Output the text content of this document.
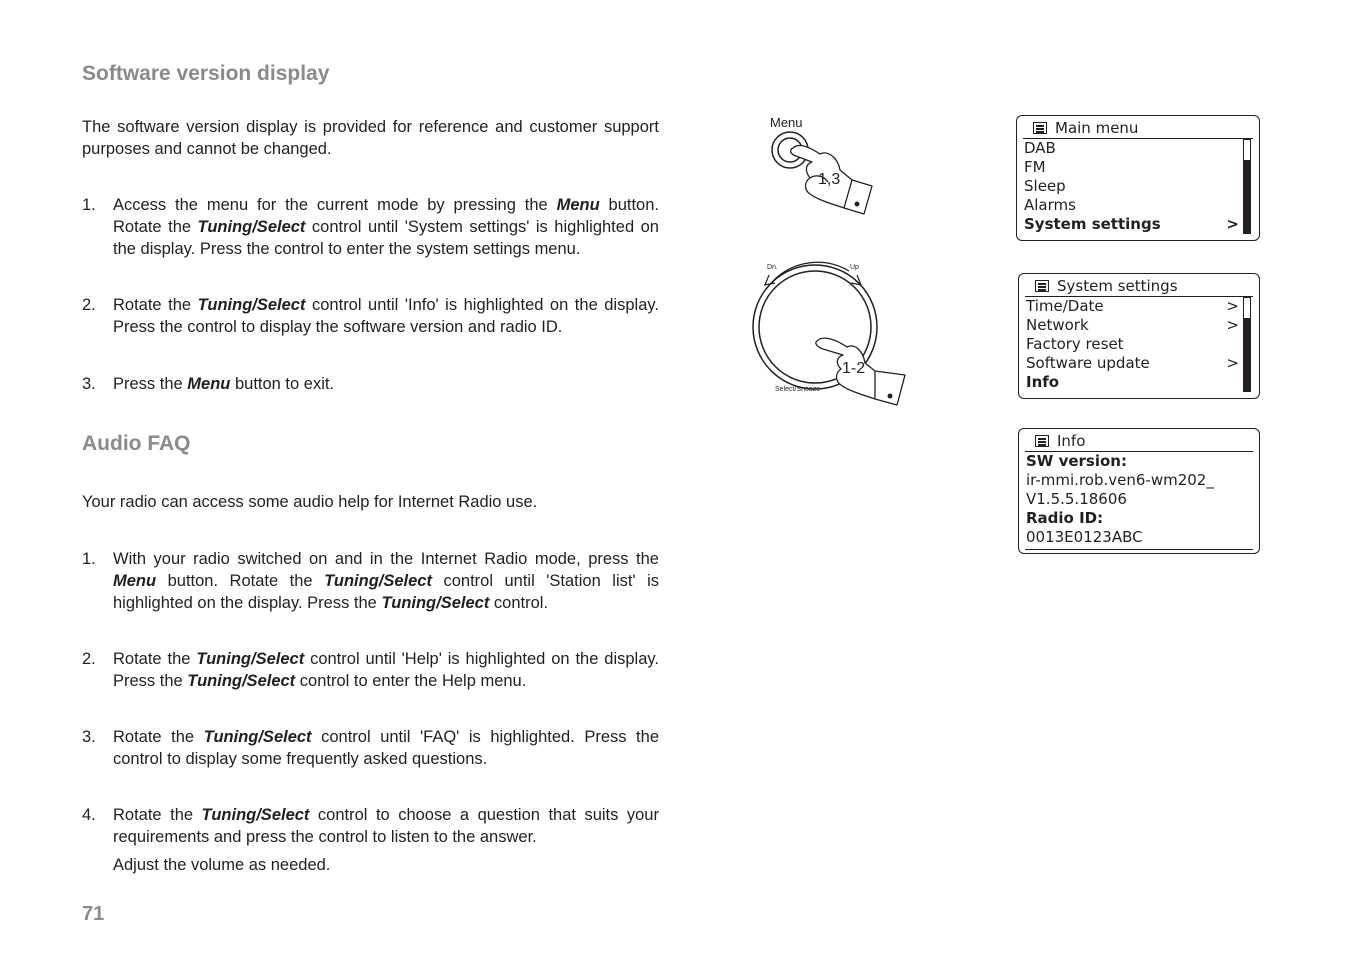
Software version display

The software version display is provided for reference and customer support purposes and cannot be changed.

1. Access the menu for the current mode by pressing the Menu button. Rotate the Tuning/Select control until 'System settings' is highlighted on the display. Press the control to enter the system settings menu.
2. Rotate the Tuning/Select control until 'Info' is highlighted on the display. Press the control to display the software version and radio ID.
3. Press the Menu button to exit.
Audio FAQ

Your radio can access some audio help for Internet Radio use.

1. With your radio switched on and in the Internet Radio mode, press the Menu button. Rotate the Tuning/Select control until 'Station list' is highlighted on the display. Press the Tuning/Select control.
2. Rotate the Tuning/Select control until 'Help' is highlighted on the display. Press the Tuning/Select control to enter the Help menu.
3. Rotate the Tuning/Select control until 'FAQ' is highlighted. Press the control to display some frequently asked questions.
4. Rotate the Tuning/Select control to choose a question that suits your requirements and press the control to listen to the answer.
Adjust the volume as needed.
71
Menu
1,3
Dn.	Up
Select/Snooze
1-2
Main menu
DAB
FM
Sleep
Alarms
System settings	>
System settings
Time/Date	>
Network	>
Factory reset
Software update	>
Info
Info
SW version:
ir-mmi.rob.ven6-wm202_
V1.5.5.18606
Radio ID:
0013E0123ABC
